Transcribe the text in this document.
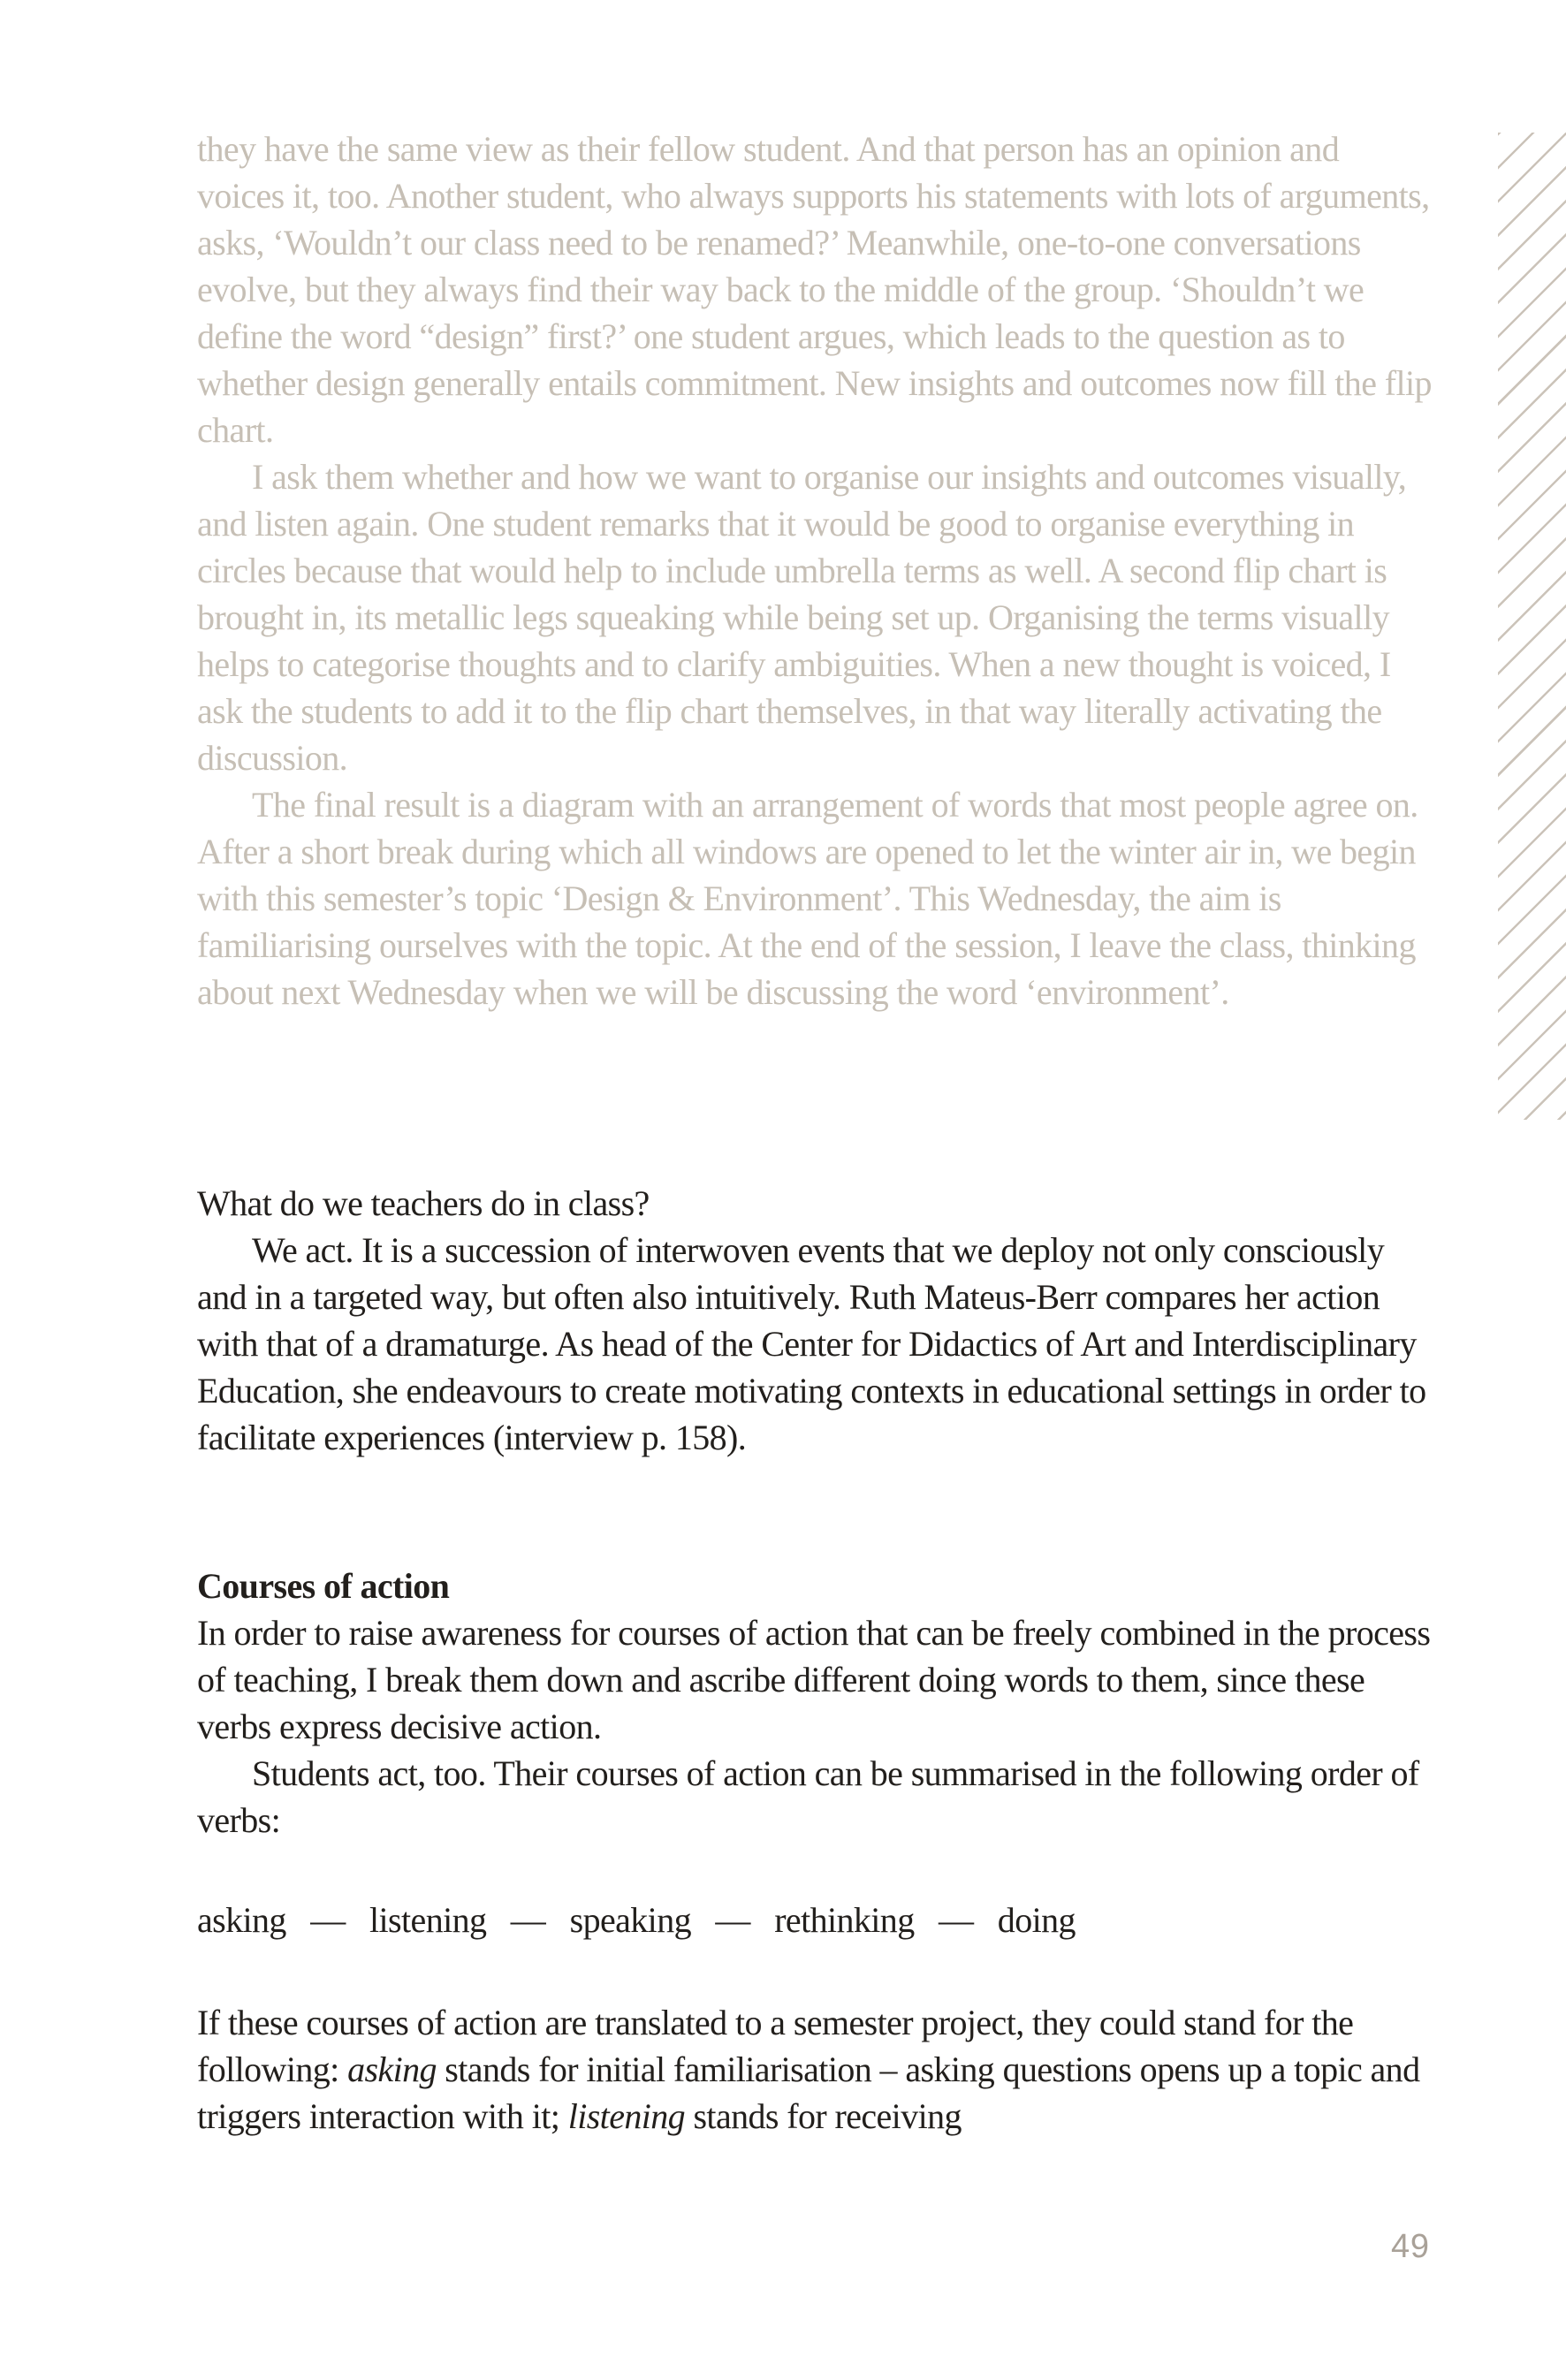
they have the same view as their fellow student. And that person has an opinion and voices it, too. Another student, who always supports his statements with lots of arguments, asks, ‘Wouldn’t our class need to be renamed?’ Meanwhile, one-to-one conversations evolve, but they always find their way back to the middle of the group. ‘Shouldn’t we define the word “design” first?’ one student argues, which leads to the question as to whether design generally entails commitment. New insights and outcomes now fill the flip chart.

I ask them whether and how we want to organise our insights and outcomes visually, and listen again. One student remarks that it would be good to organise everything in circles because that would help to include umbrella terms as well. A second flip chart is brought in, its metallic legs squeaking while being set up. Organising the terms visually helps to categorise thoughts and to clarify ambiguities. When a new thought is voiced, I ask the students to add it to the flip chart themselves, in that way literally activating the discussion.

The final result is a diagram with an arrangement of words that most people agree on. After a short break during which all windows are opened to let the winter air in, we begin with this semester’s topic ‘Design & Environment’. This Wednesday, the aim is familiarising ourselves with the topic. At the end of the session, I leave the class, thinking about next Wednesday when we will be discussing the word ‘environment’.

What do we teachers do in class?

We act. It is a succession of interwoven events that we deploy not only consciously and in a targeted way, but often also intuitively. Ruth Mateus-Berr compares her action with that of a dramaturge. As head of the Center for Didactics of Art and Interdisciplinary Education, she endeavours to create motivating contexts in educational settings in order to facilitate experiences (interview p. 158).

Courses of action

In order to raise awareness for courses of action that can be freely combined in the process of teaching, I break them down and ascribe different doing words to them, since these verbs express decisive action.

Students act, too. Their courses of action can be summarised in the following order of verbs:

asking — listening — speaking — rethinking — doing

If these courses of action are translated to a semester project, they could stand for the following: asking stands for initial familiarisation – asking questions opens up a topic and triggers interaction with it; listening stands for receiving

49
